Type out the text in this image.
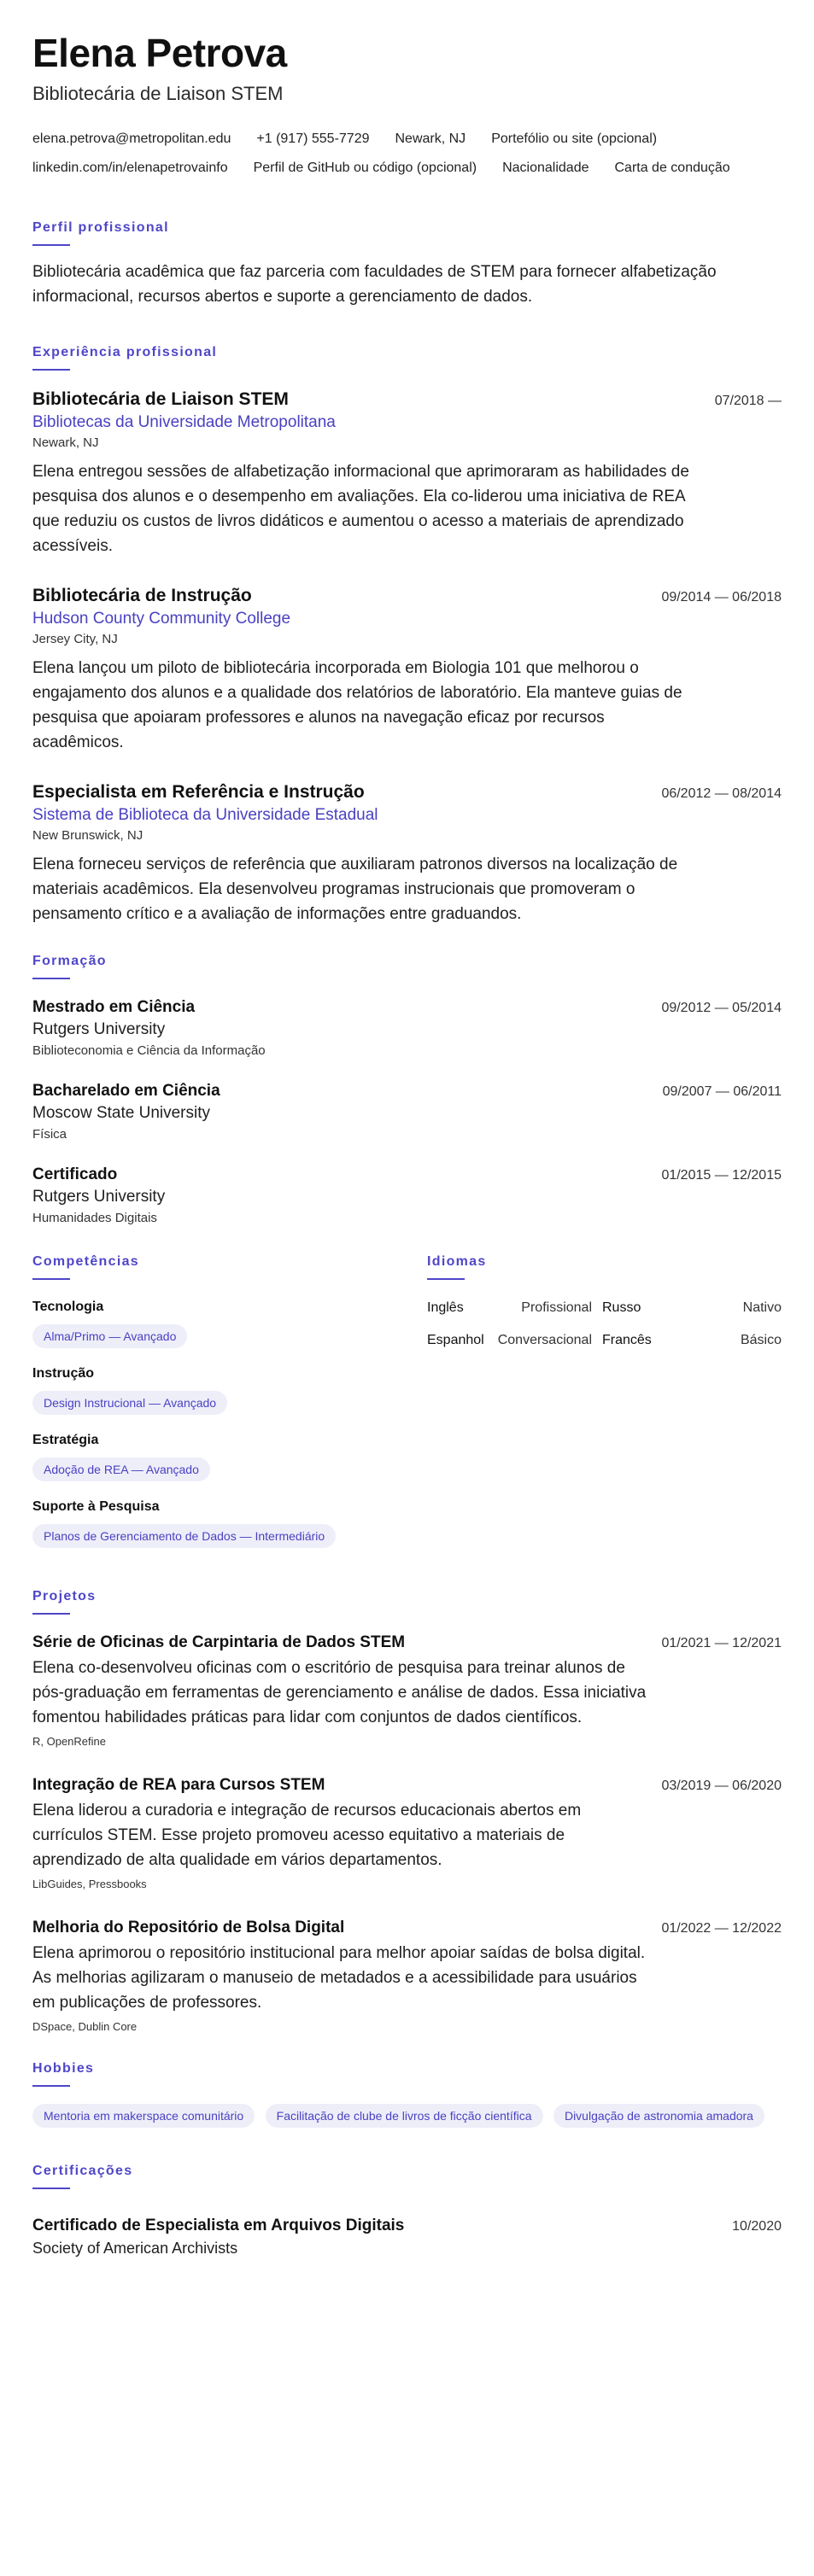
Elena Petrova
Bibliotecária de Liaison STEM
elena.petrova@metropolitan.edu +1 (917) 555-7729 Newark, NJ Portefólio ou site (opcional)
linkedin.com/in/elenapetrovainfo Perfil de GitHub ou código (opcional) Nacionalidade Carta de condução
Perfil profissional

Bibliotecária acadêmica que faz parceria com faculdades de STEM para fornecer alfabetização informacional, recursos abertos e suporte a gerenciamento de dados.

Experiência profissional
Bibliotecária de Liaison STEM	07/2018 —
Bibliotecas da Universidade Metropolitana
Newark, NJ

Elena entregou sessões de alfabetização informacional que aprimoraram as habilidades de pesquisa dos alunos e o desempenho em avaliações. Ela co-liderou uma iniciativa de REA que reduziu os custos de livros didáticos e aumentou o acesso a materiais de aprendizado acessíveis.

Bibliotecária de Instrução	09/2014 — 06/2018
Hudson County Community College
Jersey City, NJ

Elena lançou um piloto de bibliotecária incorporada em Biologia 101 que melhorou o engajamento dos alunos e a qualidade dos relatórios de laboratório. Ela manteve guias de pesquisa que apoiaram professores e alunos na navegação eficaz por recursos acadêmicos.

Especialista em Referência e Instrução	06/2012 — 08/2014
Sistema de Biblioteca da Universidade Estadual
New Brunswick, NJ

Elena forneceu serviços de referência que auxiliaram patronos diversos na localização de materiais acadêmicos. Ela desenvolveu programas instrucionais que promoveram o pensamento crítico e a avaliação de informações entre graduandos.

Formação
Mestrado em Ciência	09/2012 — 05/2014
Rutgers University
Biblioteconomia e Ciência da Informação
Bacharelado em Ciência	09/2007 — 06/2011
Moscow State University
Física
Certificado	01/2015 — 12/2015
Rutgers University
Humanidades Digitais
Competências
Tecnologia
Alma/Primo — Avançado
Instrução
Design Instrucional — Avançado
Estratégia
Adoção de REA — Avançado
Suporte à Pesquisa
Planos de Gerenciamento de Dados — Intermediário
Idiomas
Inglês	Profissional Russo	Nativo
Espanhol	Conversacional Francês	Básico
Projetos
Série de Oficinas de Carpintaria de Dados STEM	01/2021 — 12/2021

Elena co-desenvolveu oficinas com o escritório de pesquisa para treinar alunos de pós-graduação em ferramentas de gerenciamento e análise de dados. Essa iniciativa fomentou habilidades práticas para lidar com conjuntos de dados científicos.

R, OpenRefine
Integração de REA para Cursos STEM	03/2019 — 06/2020

Elena liderou a curadoria e integração de recursos educacionais abertos em currículos STEM. Esse projeto promoveu acesso equitativo a materiais de aprendizado de alta qualidade em vários departamentos.

LibGuides, Pressbooks
Melhoria do Repositório de Bolsa Digital	01/2022 — 12/2022

Elena aprimorou o repositório institucional para melhor apoiar saídas de bolsa digital. As melhorias agilizaram o manuseio de metadados e a acessibilidade para usuários em publicações de professores.

DSpace, Dublin Core
Hobbies
Mentoria em makerspace comunitário	Facilitação de clube de livros de ficção científica	Divulgação de astronomia amadora
Certificações
Certificado de Especialista em Arquivos Digitais	10/2020
Society of American Archivists
